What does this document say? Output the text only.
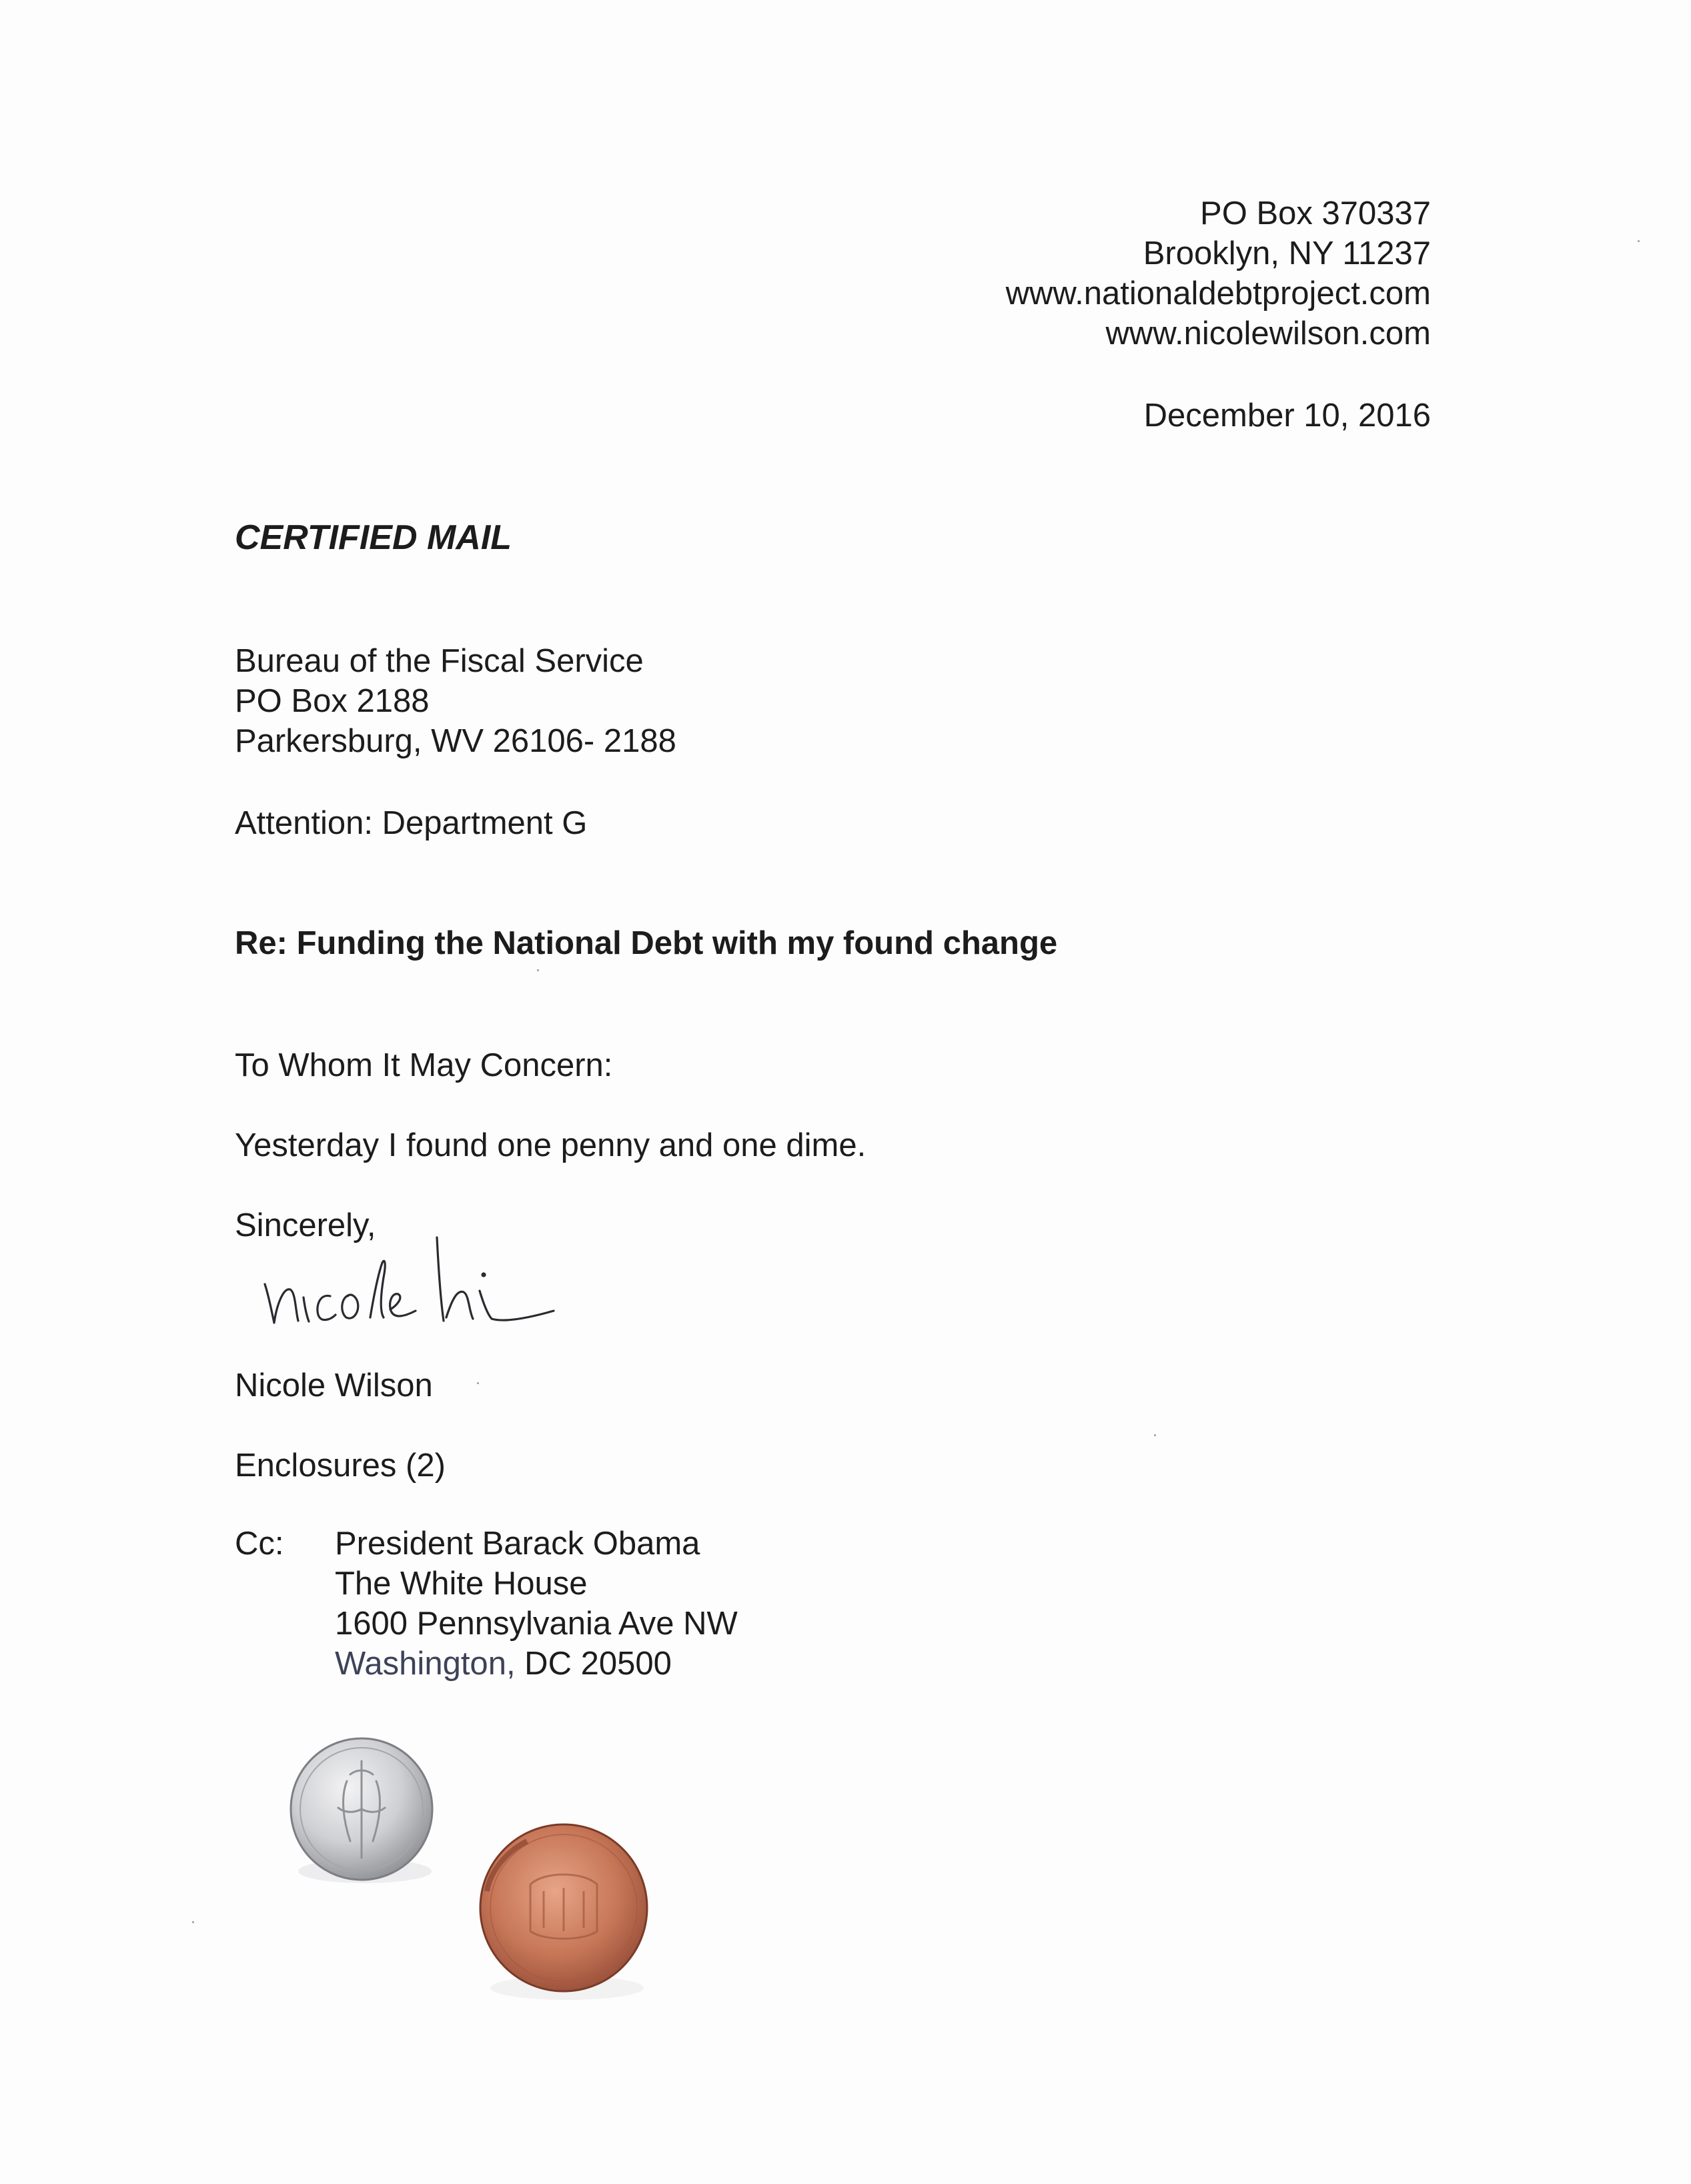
PO Box 370337
Brooklyn, NY 11237
www.nationaldebtproject.com
www.nicolewilson.com
December 10, 2016
CERTIFIED MAIL
Bureau of the Fiscal Service
PO Box 2188
Parkersburg, WV 26106- 2188
Attention: Department G
Re: Funding the National Debt with my found change
To Whom It May Concern:
Yesterday I found one penny and one dime.
Sincerely,
Nicole Wilson
Enclosures (2)
Cc: President Barack Obama
The White House
1600 Pennsylvania Ave NW
Washington, DC 20500
